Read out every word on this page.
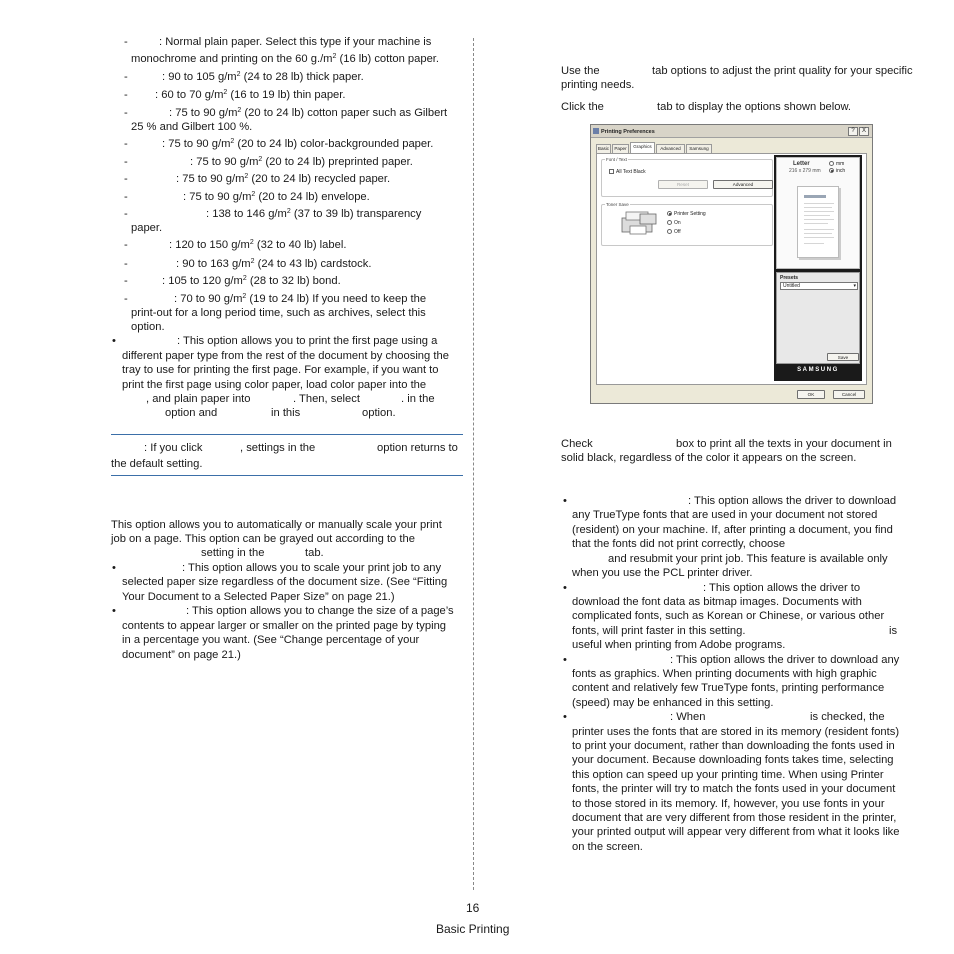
-	: Normal plain paper. Select this type if your machine is
monochrome and printing on the 60 $g./m^2$ (16 lb) cotton paper.
-	: 90 to 105 $g/m^2$ (24 to 28 lb) thick paper.
- : 60 to 70 $g/m^2$ (16 to 19 lb) thin paper.
-	: 75 to 90 $g/m^2$ (20 to 24 lb) cotton paper such as Gilbert
25 % and Gilbert 100 %.
-	: 75 to 90 $g/m^2$ (20 to 24 lb) color-backgrounded paper.
-	: 75 to 90 $g/m^2$ (20 to 24 lb) preprinted paper.
-	: 75 to 90 $g/m^2$ (20 to 24 lb) recycled paper.
-	: 75 to 90 $g/m^2$ (20 to 24 lb) envelope.
-	: 138 to 146 $g/m^2$ (37 to 39 lb) transparency
paper.
-	: 120 to 150 $g/m^2$ (32 to 40 lb) label.
-	: 90 to 163 $g/m^2$ (24 to 43 lb) cardstock.
-	: 105 to 120 $g/m^2$ (28 to 32 lb) bond.
-	: 70 to 90 $g/m^2$ (19 to 24 lb) If you need to keep the
print-out for a long period time, such as archives, select this
option.
•	: This option allows you to print the first page using a
different paper type from the rest of the document by choosing the
tray to use for printing the first page. For example, if you want to
print the first page using color paper, load color paper into the
, and plain paper into	. Then, select	. in the
option and	in this	option.
: If you click	, settings in the	option returns to
the default setting.
This option allows you to automatically or manually scale your print
job on a page. This option can be grayed out according to the
setting in the	tab.
•	: This option allows you to scale your print job to any
selected paper size regardless of the document size. (See “Fitting
Your Document to a Selected Paper Size” on page 21.)
•	: This option allows you to change the size of a page’s
contents to appear larger or smaller on the printed page by typing
in a percentage you want. (See “Change percentage of your
document” on page 21.)
Use the	tab options to adjust the print quality for your specific
printing needs.
Click the	tab to display the options shown below.
Printing Preferences	?	X
Basic	Paper	Graphics	Advanced	Samsung
Font / Text
All Text Black
Reset	Advanced
Toner Save
Printer Setting
On
Off
Letter
216 x 279 mm
mm
inch
Presets
Untitled	▾
Save
SAMSUNG
OK	Cancel
Check	box to print all the texts in your document in
solid black, regardless of the color it appears on the screen.
•	: This option allows the driver to download
any TrueType fonts that are used in your document not stored
(resident) on your machine. If, after printing a document, you find
that the fonts did not print correctly, choose
and resubmit your print job. This feature is available only
when you use the PCL printer driver.
•	: This option allows the driver to
download the font data as bitmap images. Documents with
complicated fonts, such as Korean or Chinese, or various other
fonts, will print faster in this setting.	is
useful when printing from Adobe programs.
•	: This option allows the driver to download any
fonts as graphics. When printing documents with high graphic
content and relatively few TrueType fonts, printing performance
(speed) may be enhanced in this setting.
•	: When	is checked, the
printer uses the fonts that are stored in its memory (resident fonts)
to print your document, rather than downloading the fonts used in
your document. Because downloading fonts takes time, selecting
this option can speed up your printing time. When using Printer
fonts, the printer will try to match the fonts used in your document
to those stored in its memory. If, however, you use fonts in your
document that are very different from those resident in the printer,
your printed output will appear very different from what it looks like
on the screen.
16
Basic Printing
